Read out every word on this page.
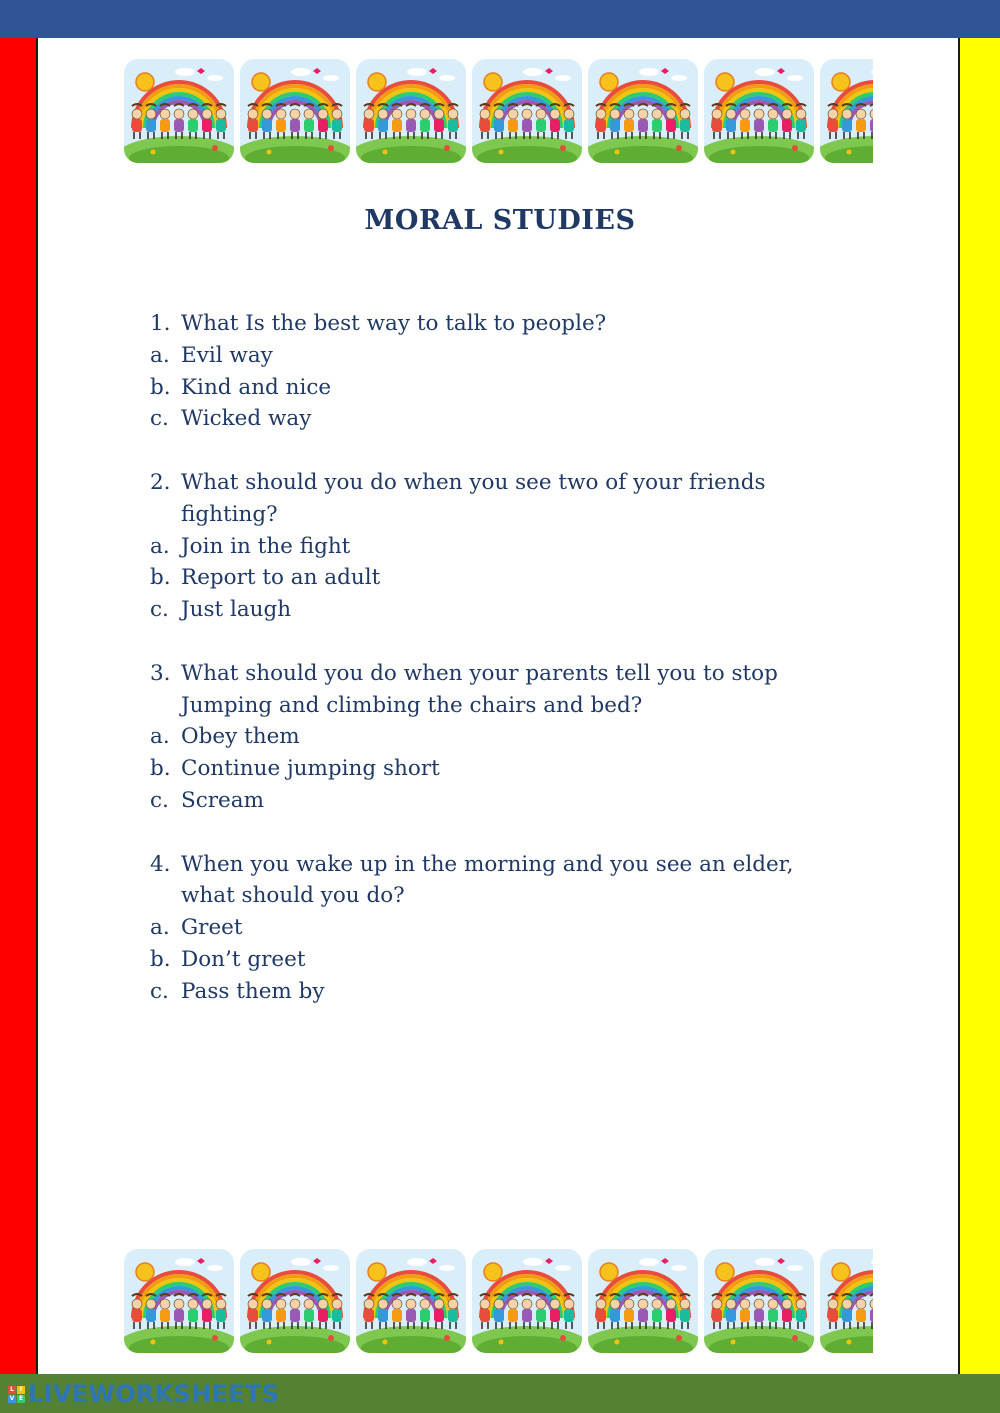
MORAL STUDIES
1. What Is the best way to talk to people?
a. Evil way
b. Kind and nice
c. Wicked way
2. What should you do when you see two of your friends
fighting?
a. Join in the fight
b. Report to an adult
c. Just laugh
3. What should you do when your parents tell you to stop
Jumping and climbing the chairs and bed?
a. Obey them
b. Continue jumping short
c. Scream
4. When you wake up in the morning and you see an elder,
what should you do?
a. Greet
b. Don’t greet
c. Pass them by
L I
V E LIVEWORKSHEETS
